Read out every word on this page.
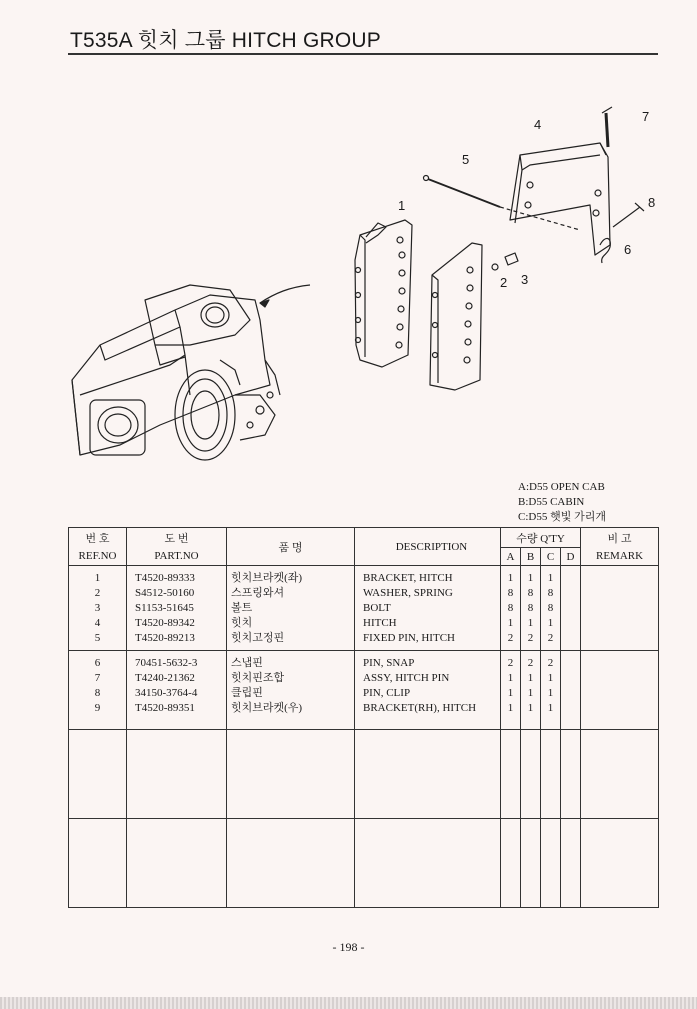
T535A 힛치 그룹 HITCH GROUP
1
2 3
4
5
6
7
8
A:D55 OPEN CAB
B:D55 CABIN
C:D55 햇빛 가리개
번 호	도 번	품 명	DESCRIPTION	수량 Q'TY				비 고
REF.NO	PART.NO			A	B	C	D	REMARK

1	T4520-89333	힛치브라켓(좌)	BRACKET, HITCH	1	1	1		
2	S4512-50160	스프링와셔	WASHER, SPRING	8	8	8		
3	S1153-51645	볼트	BOLT	8	8	8		
4	T4520-89342	힛치	HITCH	1	1	1		
5	T4520-89213	힛치고정핀	FIXED PIN, HITCH	2	2	2		

6	70451-5632-3	스냅핀	PIN, SNAP	2	2	2		
7	T4240-21362	힛치핀조합	ASSY, HITCH PIN	1	1	1		
8	34150-3764-4	클립핀	PIN, CLIP	1	1	1		
9	T4520-89351	힛치브라켓(우)	BRACKET(RH), HITCH	1	1	1		

- 198 -
